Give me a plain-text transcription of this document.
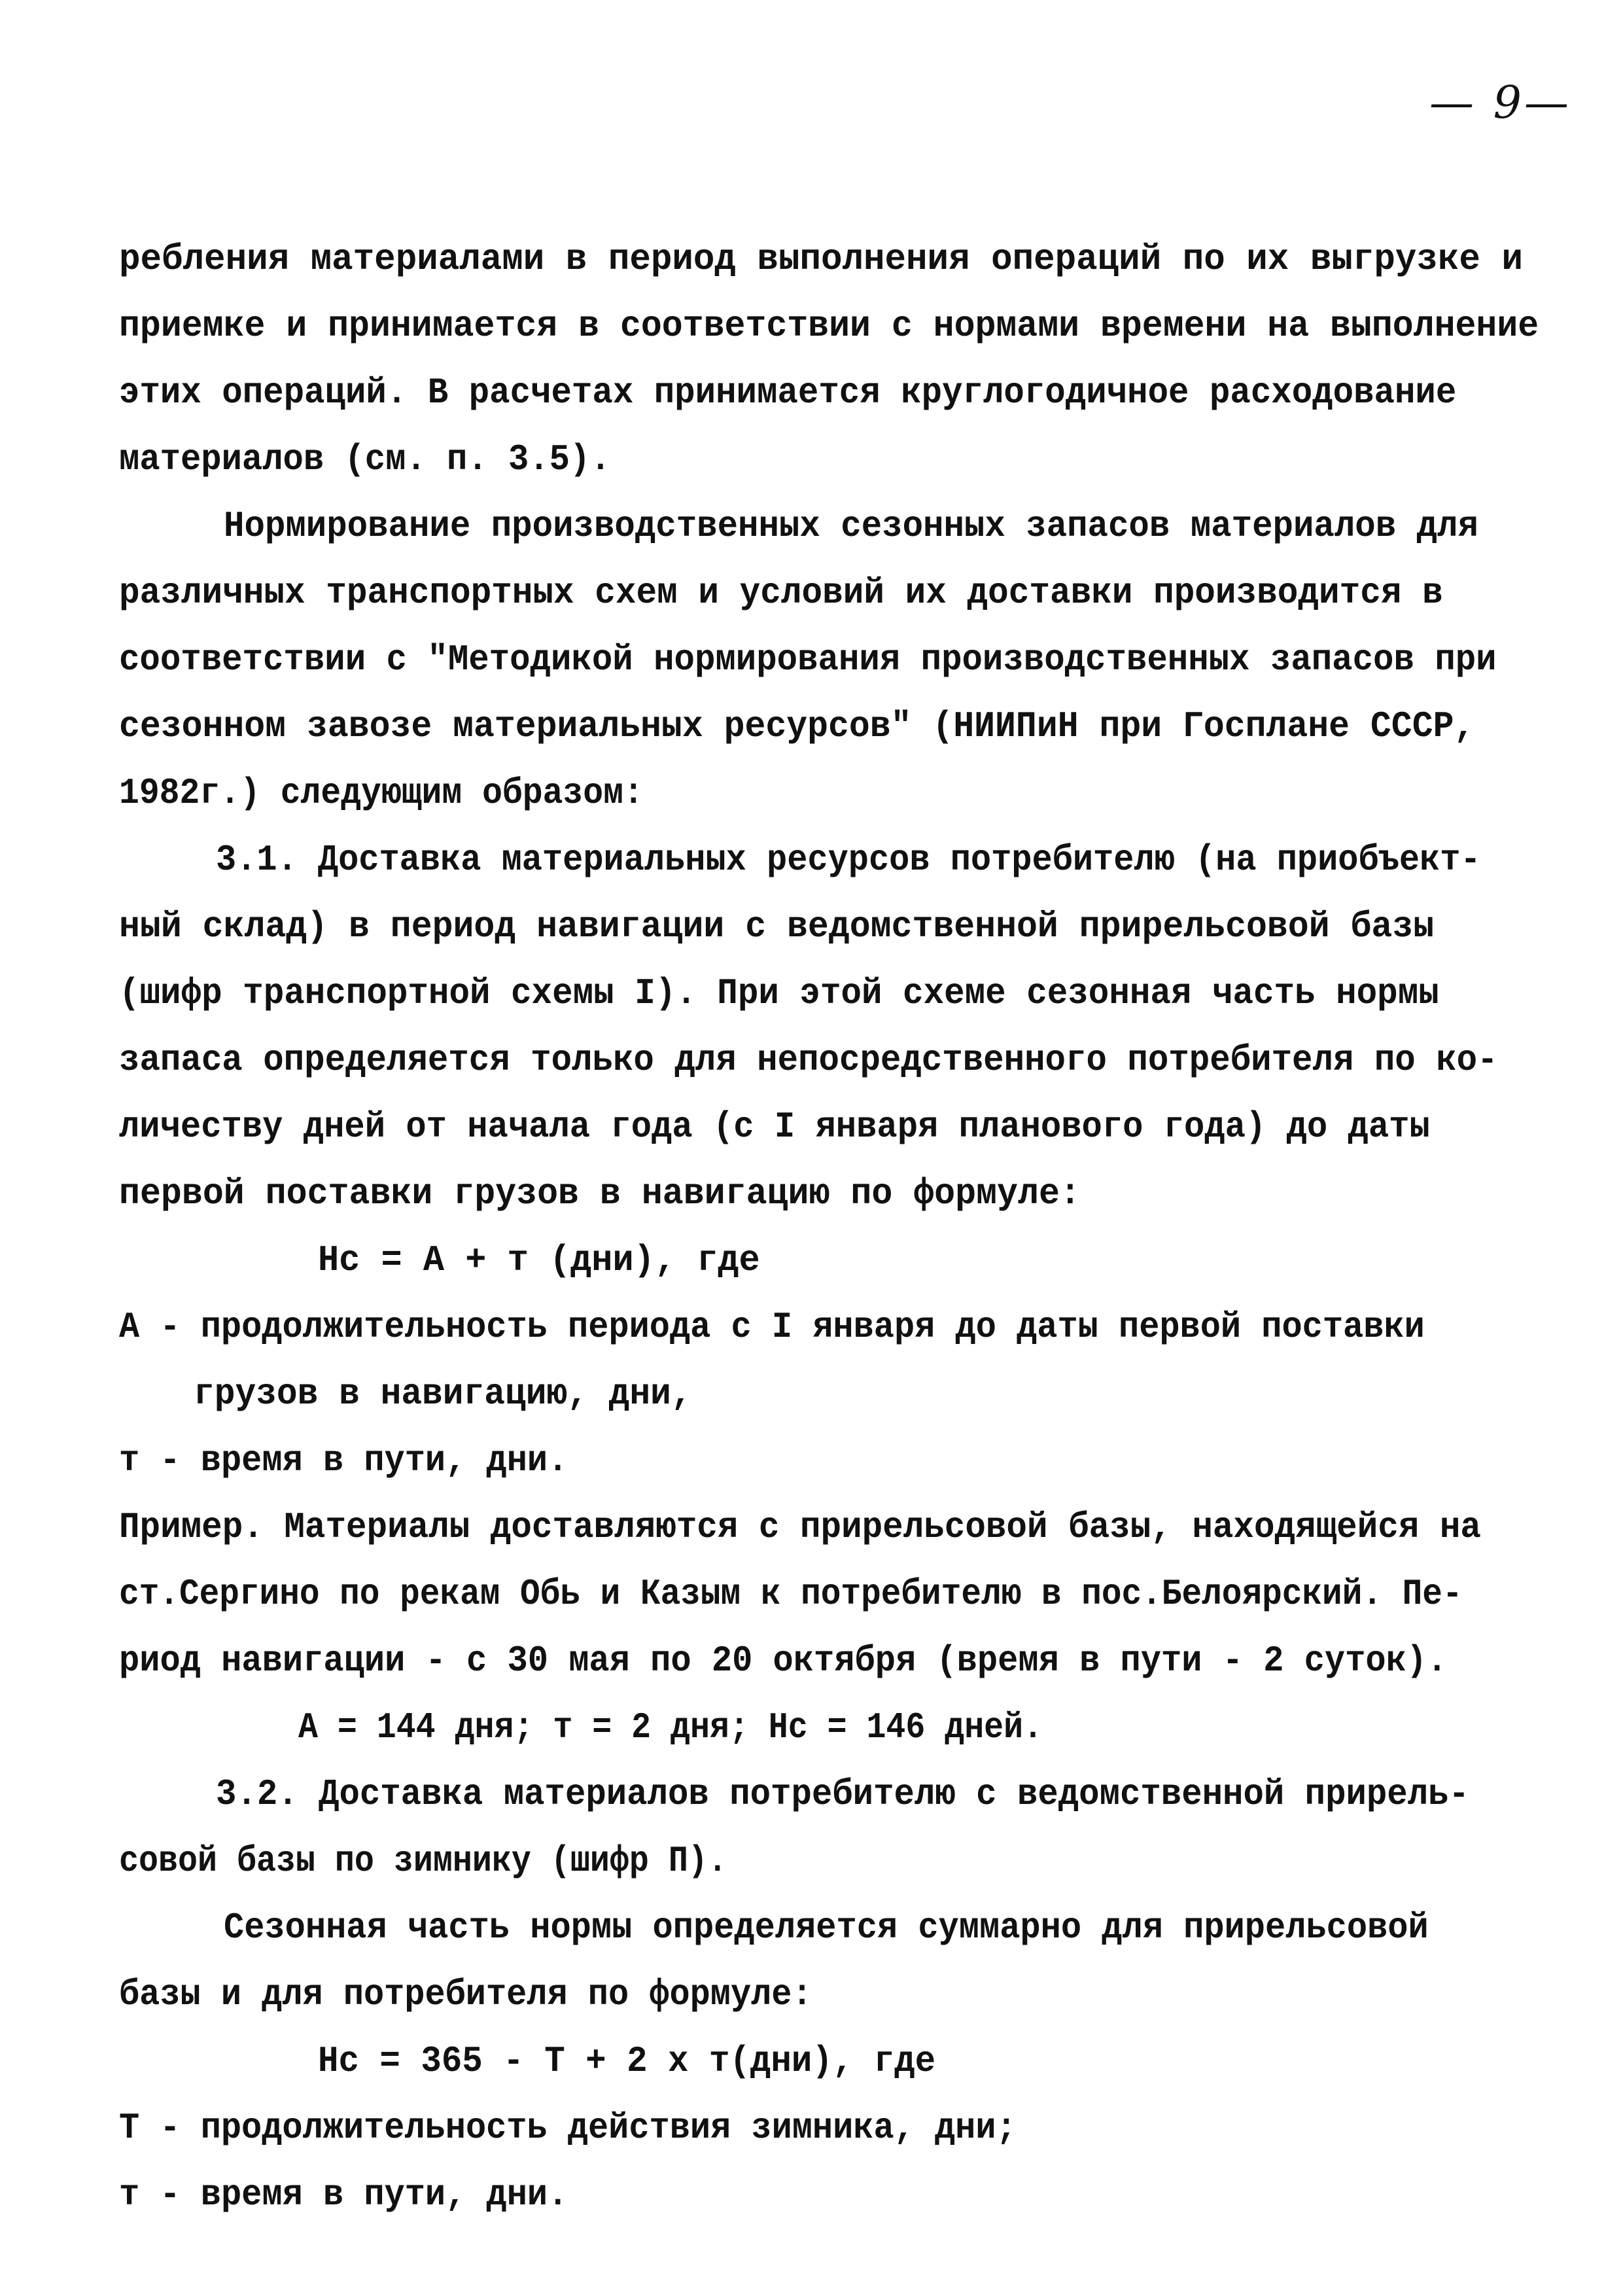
— 9—
ребления материалами в период выполнения операций по их выгрузке и
приемке и принимается в соответствии с нормами времени на выполнение
этих операций. В расчетах принимается круглогодичное расходование
материалов (см. п. 3.5).
Нормирование производственных сезонных запасов материалов для
различных транспортных схем и условий их доставки производится в
соответствии с "Методикой нормирования производственных запасов при
сезонном завозе материальных ресурсов" (НИИПиН при Госплане СССР,
1982г.) следующим образом:
3.1. Доставка материальных ресурсов потребителю (на приобъект-
ный склад) в период навигации с ведомственной прирельсовой базы
(шифр транспортной схемы I). При этой схеме сезонная часть нормы
запаса определяется только для непосредственного потребителя по ко-
личеству дней от начала года (с I января планового года) до даты
первой поставки грузов в навигацию по формуле:
Нс = А + т (дни), где
А - продолжительность периода с I января до даты первой поставки
грузов в навигацию, дни,
т - время в пути, дни.
Пример. Материалы доставляются с прирельсовой базы, находящейся на
ст.Сергино по рекам Обь и Казым к потребителю в пос.Белоярский. Пе-
риод навигации - с 30 мая по 20 октября (время в пути - 2 суток).
А = 144 дня; т = 2 дня; Нс = 146 дней.
3.2. Доставка материалов потребителю с ведомственной прирель-
совой базы по зимнику (шифр П).
Сезонная часть нормы определяется суммарно для прирельсовой
базы и для потребителя по формуле:
Нс = 365 - Т + 2 х т(дни), где
Т - продолжительность действия зимника, дни;
т - время в пути, дни.
